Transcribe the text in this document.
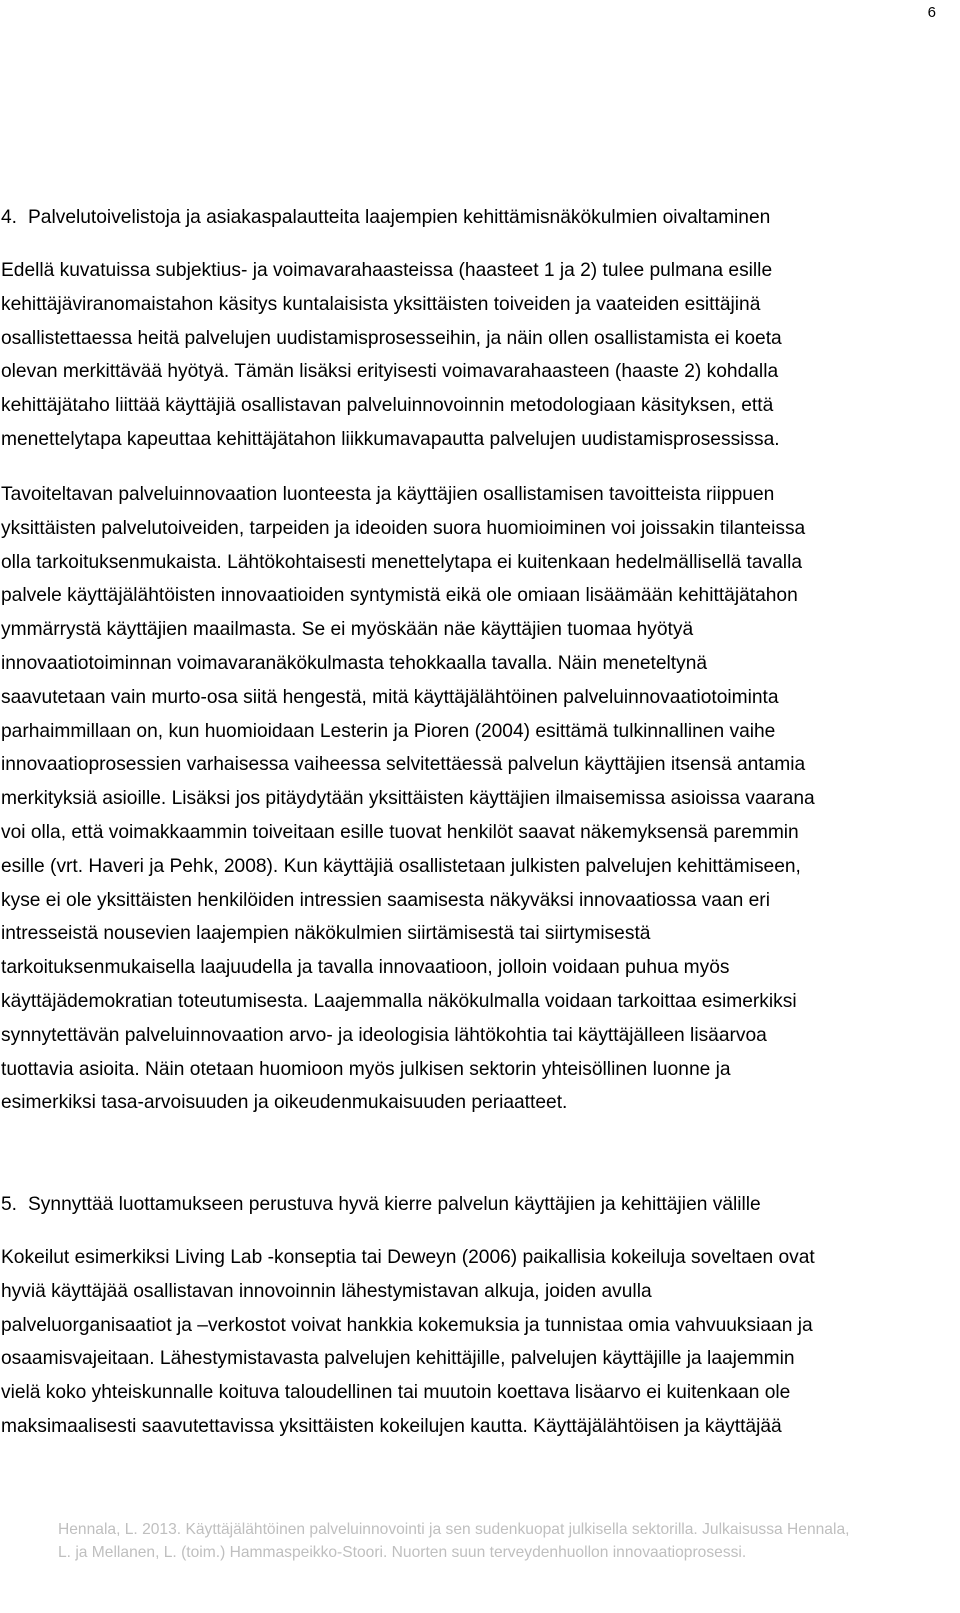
6
4. Palvelutoivelistoja ja asiakaspalautteita laajempien kehittämisnäkökulmien oivaltaminen

Edellä kuvatuissa subjektius- ja voimavarahaasteissa (haasteet 1 ja 2) tulee pulmana esille
kehittäjäviranomaistahon käsitys kuntalaisista yksittäisten toiveiden ja vaateiden esittäjinä
osallistettaessa heitä palvelujen uudistamisprosesseihin, ja näin ollen osallistamista ei koeta
olevan merkittävää hyötyä. Tämän lisäksi erityisesti voimavarahaasteen (haaste 2) kohdalla
kehittäjätaho liittää käyttäjiä osallistavan palveluinnovoinnin metodologiaan käsityksen, että
menettelytapa kapeuttaa kehittäjätahon liikkumavapautta palvelujen uudistamisprosessissa.

Tavoiteltavan palveluinnovaation luonteesta ja käyttäjien osallistamisen tavoitteista riippuen
yksittäisten palvelutoiveiden, tarpeiden ja ideoiden suora huomioiminen voi joissakin tilanteissa
olla tarkoituksenmukaista. Lähtökohtaisesti menettelytapa ei kuitenkaan hedelmällisellä tavalla
palvele käyttäjälähtöisten innovaatioiden syntymistä eikä ole omiaan lisäämään kehittäjätahon
ymmärrystä käyttäjien maailmasta. Se ei myöskään näe käyttäjien tuomaa hyötyä
innovaatiotoiminnan voimavaranäkökulmasta tehokkaalla tavalla. Näin meneteltynä
saavutetaan vain murto-osa siitä hengestä, mitä käyttäjälähtöinen palveluinnovaatiotoiminta
parhaimmillaan on, kun huomioidaan Lesterin ja Pioren (2004) esittämä tulkinnallinen vaihe
innovaatioprosessien varhaisessa vaiheessa selvitettäessä palvelun käyttäjien itsensä antamia
merkityksiä asioille. Lisäksi jos pitäydytään yksittäisten käyttäjien ilmaisemissa asioissa vaarana
voi olla, että voimakkaammin toiveitaan esille tuovat henkilöt saavat näkemyksensä paremmin
esille (vrt. Haveri ja Pehk, 2008). Kun käyttäjiä osallistetaan julkisten palvelujen kehittämiseen,
kyse ei ole yksittäisten henkilöiden intressien saamisesta näkyväksi innovaatiossa vaan eri
intresseistä nousevien laajempien näkökulmien siirtämisestä tai siirtymisestä
tarkoituksenmukaisella laajuudella ja tavalla innovaatioon, jolloin voidaan puhua myös
käyttäjädemokratian toteutumisesta. Laajemmalla näkökulmalla voidaan tarkoittaa esimerkiksi
synnytettävän palveluinnovaation arvo- ja ideologisia lähtökohtia tai käyttäjälleen lisäarvoa
tuottavia asioita. Näin otetaan huomioon myös julkisen sektorin yhteisöllinen luonne ja
esimerkiksi tasa-arvoisuuden ja oikeudenmukaisuuden periaatteet.

5. Synnyttää luottamukseen perustuva hyvä kierre palvelun käyttäjien ja kehittäjien välille

Kokeilut esimerkiksi Living Lab -konseptia tai Deweyn (2006) paikallisia kokeiluja soveltaen ovat
hyviä käyttäjää osallistavan innovoinnin lähestymistavan alkuja, joiden avulla
palveluorganisaatiot ja –verkostot voivat hankkia kokemuksia ja tunnistaa omia vahvuuksiaan ja
osaamisvajeitaan. Lähestymistavasta palvelujen kehittäjille, palvelujen käyttäjille ja laajemmin
vielä koko yhteiskunnalle koituva taloudellinen tai muutoin koettava lisäarvo ei kuitenkaan ole
maksimaalisesti saavutettavissa yksittäisten kokeilujen kautta. Käyttäjälähtöisen ja käyttäjää

Hennala, L. 2013. Käyttäjälähtöinen palveluinnovointi ja sen sudenkuopat julkisella sektorilla. Julkaisussa Hennala,
L. ja Mellanen, L. (toim.) Hammaspeikko-Stoori. Nuorten suun terveydenhuollon innovaatioprosessi.
